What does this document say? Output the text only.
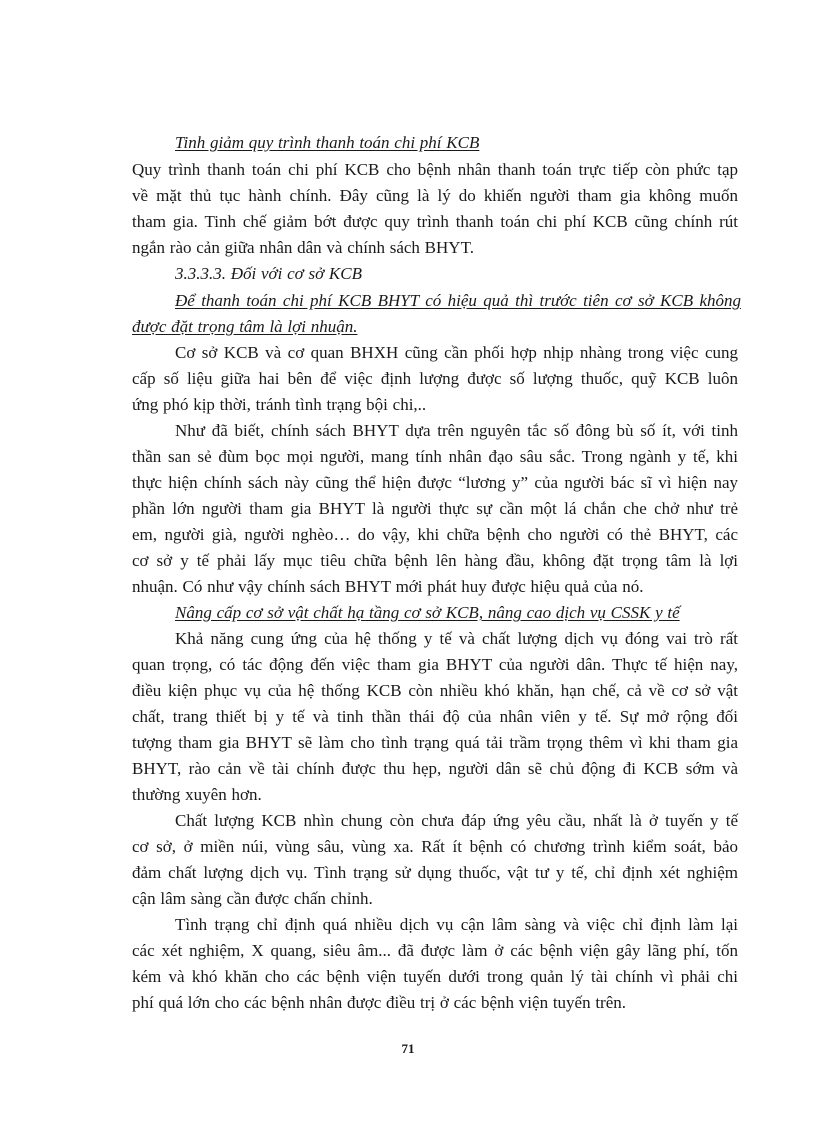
Tinh giảm quy trình thanh toán chi phí KCB

Quy trình thanh toán chi phí KCB cho bệnh nhân thanh toán trực tiếp còn phức tạp

về mặt thủ tục hành chính. Đây cũng là lý do khiến người tham gia không muốn

tham gia. Tinh chế giảm bớt được quy trình thanh toán chi phí KCB cũng chính rút

ngắn rào cản giữa nhân dân và chính sách BHYT.

3.3.3.3. Đối với cơ sở KCB

Để thanh toán chi phí KCB BHYT có hiệu quả thì trước tiên cơ sở KCB không

được đặt trọng tâm là lợi nhuận.

Cơ sở KCB và cơ quan BHXH cũng cần phối hợp nhịp nhàng trong việc cung

cấp số liệu giữa hai bên để việc định lượng được số lượng thuốc, quỹ KCB luôn

ứng phó kịp thời, tránh tình trạng bội chi,..

Như đã biết, chính sách BHYT dựa trên nguyên tắc số đông bù số ít, với tinh

thần san sẻ đùm bọc mọi người, mang tính nhân đạo sâu sắc. Trong ngành y tế, khi

thực hiện chính sách này cũng thể hiện được “lương y” của người bác sĩ vì hiện nay

phần lớn người tham gia BHYT là người thực sự cần một lá chắn che chở như trẻ

em, người già, người nghèo… do vậy, khi chữa bệnh cho người có thẻ BHYT, các

cơ sở y tế phải lấy mục tiêu chữa bệnh lên hàng đầu, không đặt trọng tâm là lợi

nhuận. Có như vậy chính sách BHYT mới phát huy được hiệu quả của nó.

Nâng cấp cơ sở vật chất hạ tầng cơ sở KCB, nâng cao dịch vụ CSSK y tế

Khả năng cung ứng của hệ thống y tế và chất lượng dịch vụ đóng vai trò rất

quan trọng, có tác động đến việc tham gia BHYT của người dân. Thực tế hiện nay,

điều kiện phục vụ của hệ thống KCB còn nhiều khó khăn, hạn chế, cả về cơ sở vật

chất, trang thiết bị y tế và tinh thần thái độ của nhân viên y tế. Sự mở rộng đối

tượng tham gia BHYT sẽ làm cho tình trạng quá tải trầm trọng thêm vì khi tham gia

BHYT, rào cản về tài chính được thu hẹp, người dân sẽ chủ động đi KCB sớm và

thường xuyên hơn.

Chất lượng KCB nhìn chung còn chưa đáp ứng yêu cầu, nhất là ở tuyến y tế

cơ sở, ở miền núi, vùng sâu, vùng xa. Rất ít bệnh có chương trình kiểm soát, bảo

đảm chất lượng dịch vụ. Tình trạng sử dụng thuốc, vật tư y tế, chỉ định xét nghiệm

cận lâm sàng cần được chấn chỉnh.

Tình trạng chỉ định quá nhiều dịch vụ cận lâm sàng và việc chỉ định làm lại

các xét nghiệm, X quang, siêu âm... đã được làm ở các bệnh viện gây lãng phí, tốn

kém và khó khăn cho các bệnh viện tuyến dưới trong quản lý tài chính vì phải chi

phí quá lớn cho các bệnh nhân được điều trị ở các bệnh viện tuyến trên.

71
